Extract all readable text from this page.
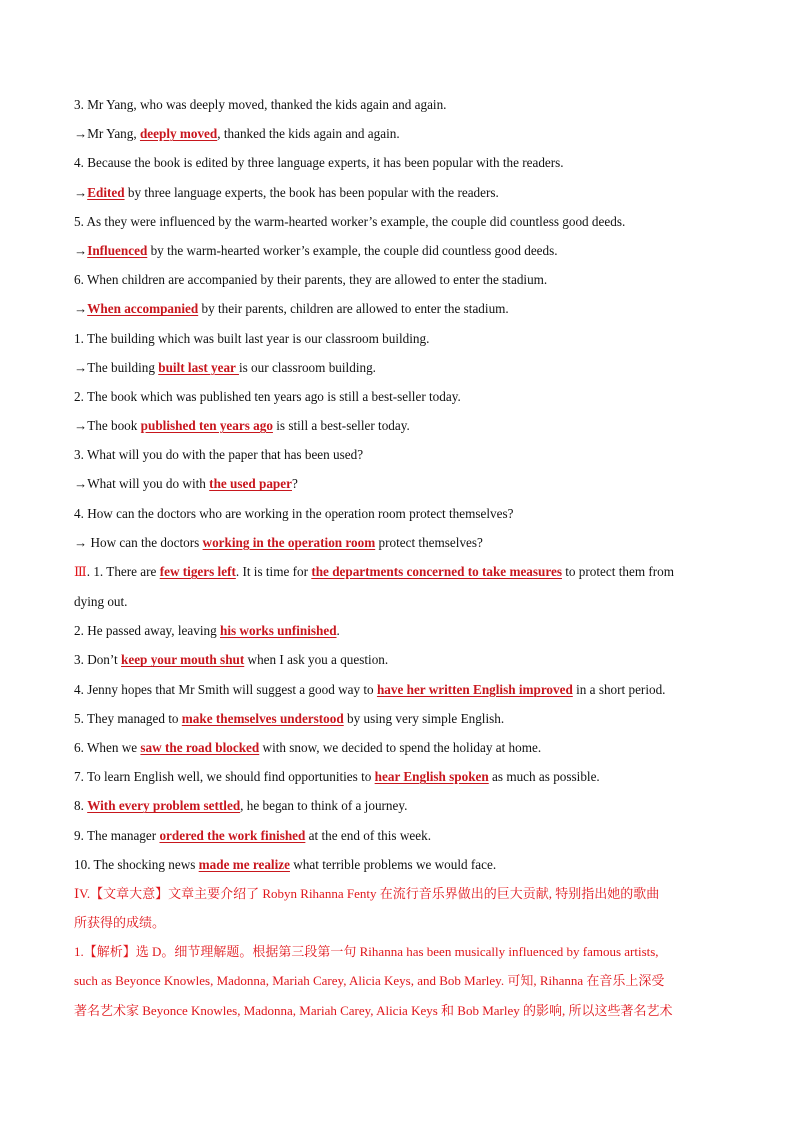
3. Mr Yang, who was deeply moved, thanked the kids again and again.
→Mr Yang, deeply moved, thanked the kids again and again.
4. Because the book is edited by three language experts, it has been popular with the readers.
→Edited by three language experts, the book has been popular with the readers.
5. As they were influenced by the warm-hearted worker’s example, the couple did countless good deeds.
→Influenced by the warm-hearted worker’s example, the couple did countless good deeds.
6. When children are accompanied by their parents, they are allowed to enter the stadium.
→When accompanied by their parents, children are allowed to enter the stadium.
1. The building which was built last year is our classroom building.
→The building built last year is our classroom building.
2. The book which was published ten years ago is still a best-seller today.
→The book published ten years ago is still a best-seller today.
3. What will you do with the paper that has been used?
→What will you do with the used paper?
4. How can the doctors who are working in the operation room protect themselves?
→ How can the doctors working in the operation room protect themselves?
Ⅲ. 1. There are few tigers left. It is time for the departments concerned to take measures to protect them from
dying out.
2. He passed away, leaving his works unfinished.
3. Don’t keep your mouth shut when I ask you a question.
4. Jenny hopes that Mr Smith will suggest a good way to have her written English improved in a short period.
5. They managed to make themselves understood by using very simple English.
6. When we saw the road blocked with snow, we decided to spend the holiday at home.
7. To learn English well, we should find opportunities to hear English spoken as much as possible.
8. With every problem settled, he began to think of a journey.
9. The manager ordered the work finished at the end of this week.
10. The shocking news made me realize what terrible problems we would face.
ⅠV.【文章大意】文章主要介绍了 Robyn Rihanna Fenty 在流行音乐界做出的巨大贡献, 特别指出她的歌曲
所获得的成绩。
1.【解析】选 D。细节理解题。根据第三段第一句 Rihanna has been musically influenced by famous artists,
such as Beyonce Knowles, Madonna, Mariah Carey, Alicia Keys, and Bob Marley. 可知, Rihanna 在音乐上深受
著名艺术家 Beyonce Knowles, Madonna, Mariah Carey, Alicia Keys 和 Bob Marley 的影响, 所以这些著名艺术
